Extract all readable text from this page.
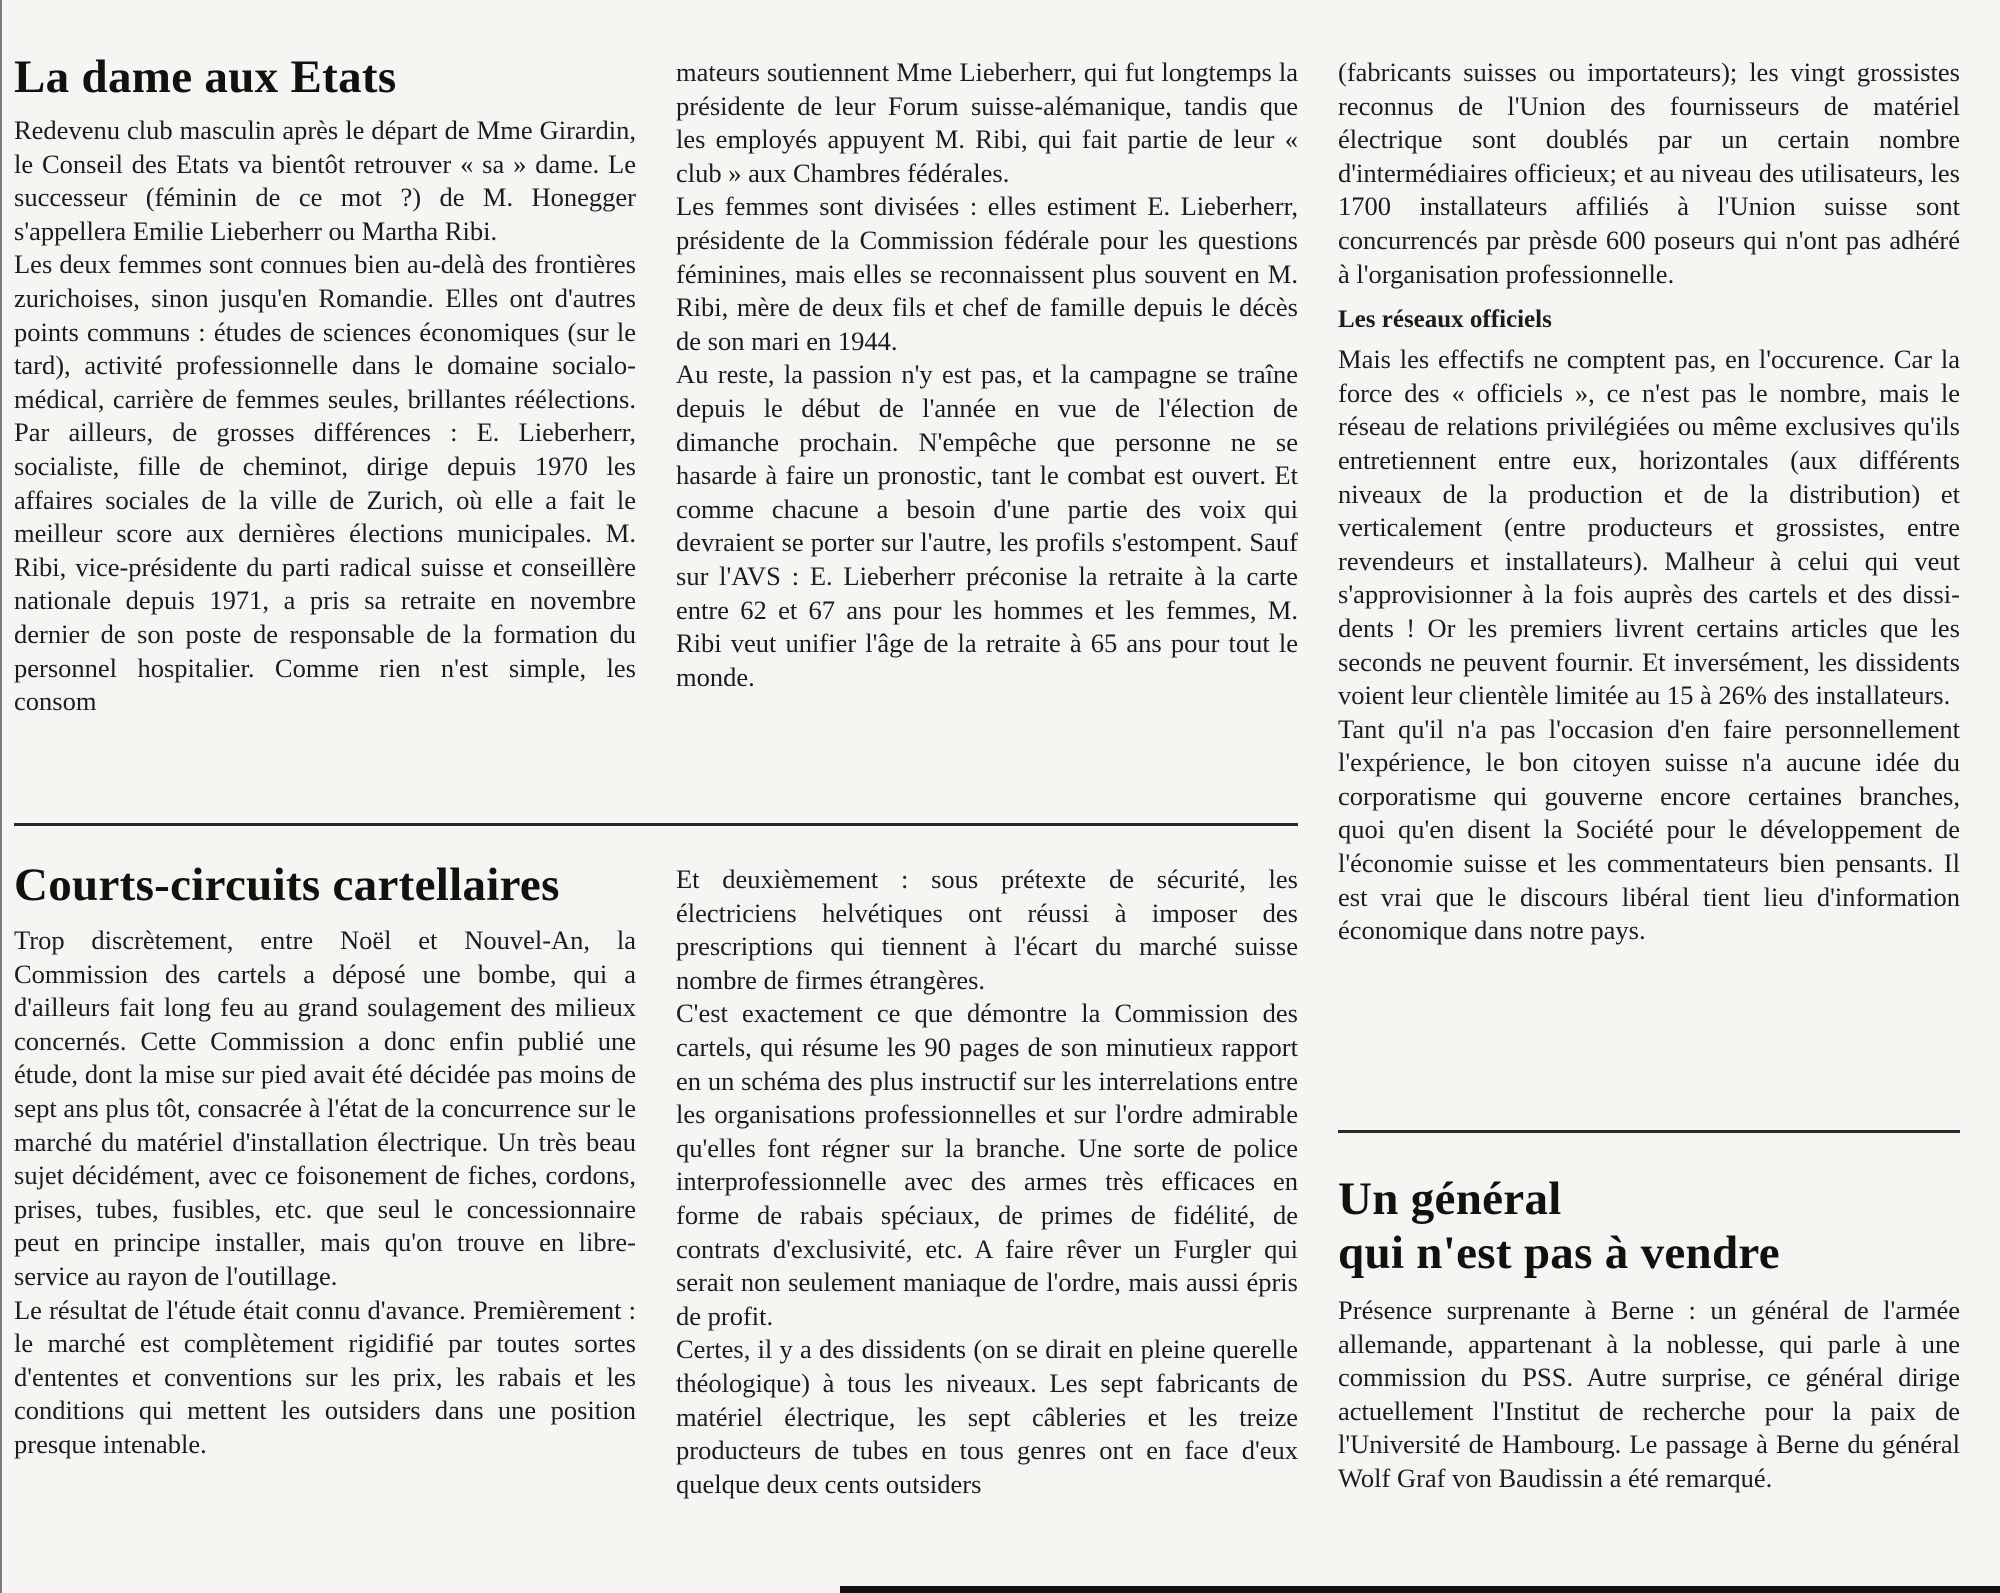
La dame aux Etats

Redevenu club masculin après le départ de Mme Girardin, le Conseil des Etats va bientôt retrouver « sa » dame. Le successeur (féminin de ce mot ?) de M. Honegger s'appellera Emilie Lieberherr ou Martha Ribi.

Les deux femmes sont connues bien au-delà des frontières zurichoises, sinon jusqu'en Romandie. Elles ont d'autres points communs : études de sciences économiques (sur le tard), activité professionnelle dans le domaine socialo-médical, carrière de femmes seules, brillantes réélections. Par ailleurs, de grosses différences : E. Lieberherr, socialiste, fille de cheminot, dirige depuis 1970 les affaires sociales de la ville de Zurich, où elle a fait le meilleur score aux dernières élections municipales. M. Ribi, vice-présidente du parti radical suisse et conseillère nationale depuis 1971, a pris sa retraite en novembre dernier de son poste de responsable de la formation du personnel hospitalier. Comme rien n'est simple, les consom

mateurs soutiennent Mme Lieberherr, qui fut longtemps la présidente de leur Forum suisse-alémanique, tandis que les employés appuyent M. Ribi, qui fait partie de leur « club » aux Chambres fédérales.

Les femmes sont divisées : elles estiment E. Lieberherr, présidente de la Commission fédérale pour les questions féminines, mais elles se reconnaissent plus souvent en M. Ribi, mère de deux fils et chef de famille depuis le décès de son mari en 1944.

Au reste, la passion n'y est pas, et la campagne se traîne depuis le début de l'année en vue de l'élection de dimanche prochain. N'empêche que personne ne se hasarde à faire un pronostic, tant le combat est ouvert. Et comme chacune a besoin d'une partie des voix qui devraient se porter sur l'autre, les profils s'estompent. Sauf sur l'AVS : E. Lieberherr préconise la retraite à la carte entre 62 et 67 ans pour les hommes et les femmes, M. Ribi veut unifier l'âge de la retraite à 65 ans pour tout le monde.

Courts-circuits cartellaires

Trop discrètement, entre Noël et Nouvel-An, la Commission des cartels a déposé une bombe, qui a d'ailleurs fait long feu au grand soulagement des milieux concernés. Cette Commission a donc enfin publié une étude, dont la mise sur pied avait été décidée pas moins de sept ans plus tôt, consacrée à l'état de la concurrence sur le marché du matériel d'installation électrique. Un très beau sujet décidément, avec ce foisonement de fiches, cordons, prises, tubes, fusibles, etc. que seul le concessionnaire peut en principe installer, mais qu'on trouve en libre-service au rayon de l'outillage.

Le résultat de l'étude était connu d'avance. Premièrement : le marché est complètement rigidifié par toutes sortes d'ententes et conventions sur les prix, les rabais et les conditions qui mettent les outsiders dans une position presque intenable.

Et deuxièmement : sous prétexte de sécurité, les électriciens helvétiques ont réussi à imposer des prescriptions qui tiennent à l'écart du marché suisse nombre de firmes étrangères.

C'est exactement ce que démontre la Commission des cartels, qui résume les 90 pages de son minutieux rapport en un schéma des plus instructif sur les interrelations entre les organisations professionnelles et sur l'ordre admirable qu'elles font régner sur la branche. Une sorte de police interprofessionnelle avec des armes très efficaces en forme de rabais spéciaux, de primes de fidélité, de contrats d'exclusivité, etc. A faire rêver un Furgler qui serait non seulement maniaque de l'ordre, mais aussi épris de profit.

Certes, il y a des dissidents (on se dirait en pleine querelle théologique) à tous les niveaux. Les sept fabricants de matériel électrique, les sept câbleries et les treize producteurs de tubes en tous genres ont en face d'eux quelque deux cents outsiders

(fabricants suisses ou importateurs); les vingt grossistes reconnus de l'Union des fournisseurs de matériel électrique sont doublés par un certain nombre d'intermédiaires officieux; et au niveau des utilisateurs, les 1700 installateurs affiliés à l'Union suisse sont concurrencés par prèsde 600 poseurs qui n'ont pas adhéré à l'organisation professionnelle.

Les réseaux officiels

Mais les effectifs ne comptent pas, en l'occurence. Car la force des « officiels », ce n'est pas le nombre, mais le réseau de relations privilégiées ou même exclusives qu'ils entretiennent entre eux, horizontales (aux différents niveaux de la production et de la distribution) et verticalement (entre producteurs et grossistes, entre revendeurs et installateurs). Malheur à celui qui veut s'approvisionner à la fois auprès des cartels et des dissidents ! Or les premiers livrent certains articles que les seconds ne peuvent fournir. Et inversément, les dissidents voient leur clientèle limitée au 15 à 26% des installateurs.

Tant qu'il n'a pas l'occasion d'en faire personnellement l'expérience, le bon citoyen suisse n'a aucune idée du corporatisme qui gouverne encore certaines branches, quoi qu'en disent la Société pour le développement de l'économie suisse et les commentateurs bien pensants. Il est vrai que le discours libéral tient lieu d'information économique dans notre pays.

Un général
qui n'est pas à vendre

Présence surprenante à Berne : un général de l'armée allemande, appartenant à la noblesse, qui parle à une commission du PSS. Autre surprise, ce général dirige actuellement l'Institut de recherche pour la paix de l'Université de Hambourg. Le passage à Berne du général Wolf Graf von Baudissin a été remarqué.
